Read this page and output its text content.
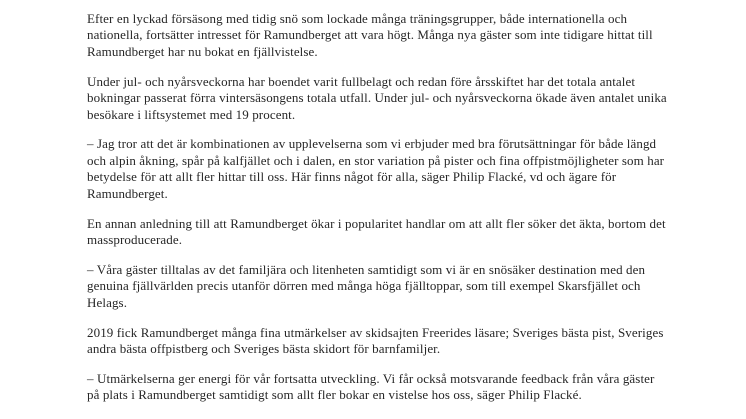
Efter en lyckad försäsong med tidig snö som lockade många träningsgrupper, både internationella och nationella, fortsätter intresset för Ramundberget att vara högt. Många nya gäster som inte tidigare hittat till Ramundberget har nu bokat en fjällvistelse.

Under jul- och nyårsveckorna har boendet varit fullbelagt och redan före årsskiftet har det totala antalet bokningar passerat förra vintersäsongens totala utfall. Under jul- och nyårsveckorna ökade även antalet unika besökare i liftsystemet med 19 procent.

– Jag tror att det är kombinationen av upplevelserna som vi erbjuder med bra förutsättningar för både längd och alpin åkning, spår på kalfjället och i dalen, en stor variation på pister och fina offpistmöjligheter som har betydelse för att allt fler hittar till oss. Här finns något för alla, säger Philip Flacké, vd och ägare för Ramundberget.

En annan anledning till att Ramundberget ökar i popularitet handlar om att allt fler söker det äkta, bortom det massproducerade.

– Våra gäster tilltalas av det familjära och litenheten samtidigt som vi är en snösäker destination med den genuina fjällvärlden precis utanför dörren med många höga fjälltoppar, som till exempel Skarsfjället och Helags.

2019 fick Ramundberget många fina utmärkelser av skidsajten Freerides läsare; Sveriges bästa pist, Sveriges andra bästa offpistberg och Sveriges bästa skidort för barnfamiljer.

– Utmärkelserna ger energi för vår fortsatta utveckling. Vi får också motsvarande feedback från våra gäster på plats i Ramundberget samtidigt som allt fler bokar en vistelse hos oss, säger Philip Flacké.
